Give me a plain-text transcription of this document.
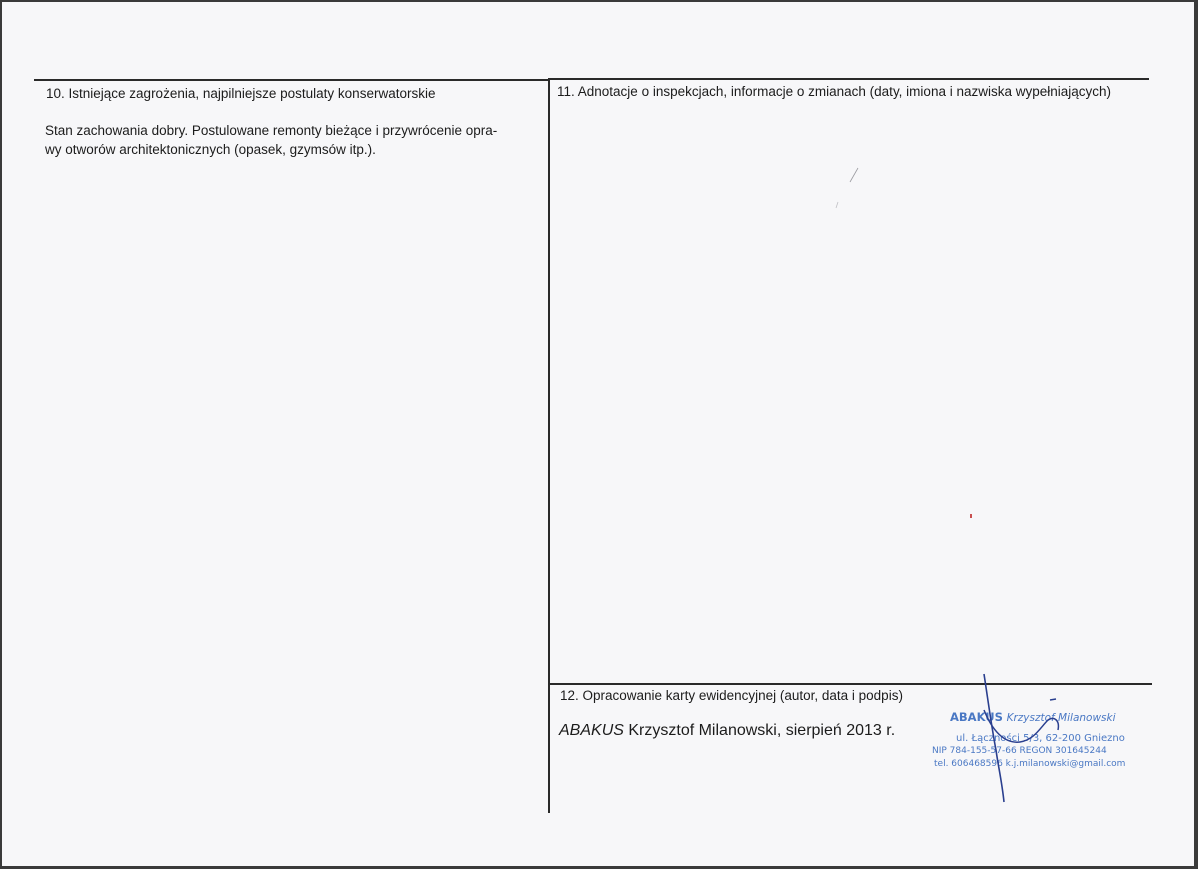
10. Istniejące zagrożenia, najpilniejsze postulaty konserwatorskie
Stan zachowania dobry. Postulowane remonty bieżące i przywrócenie opra-
wy otworów architektonicznych (opasek, gzymsów itp.).
11. Adnotacje o inspekcjach, informacje o zmianach (daty, imiona i nazwiska wypełniających)
12. Opracowanie karty ewidencyjnej (autor, data i podpis)
ABAKUS Krzysztof Milanowski, sierpień 2013 r.
ABAKUS Krzysztof Milanowski
ul. Łączności 5/3, 62-200 Gniezno
NIP 784-155-57-66 REGON 301645244
tel. 606468596 k.j.milanowski@gmail.com
